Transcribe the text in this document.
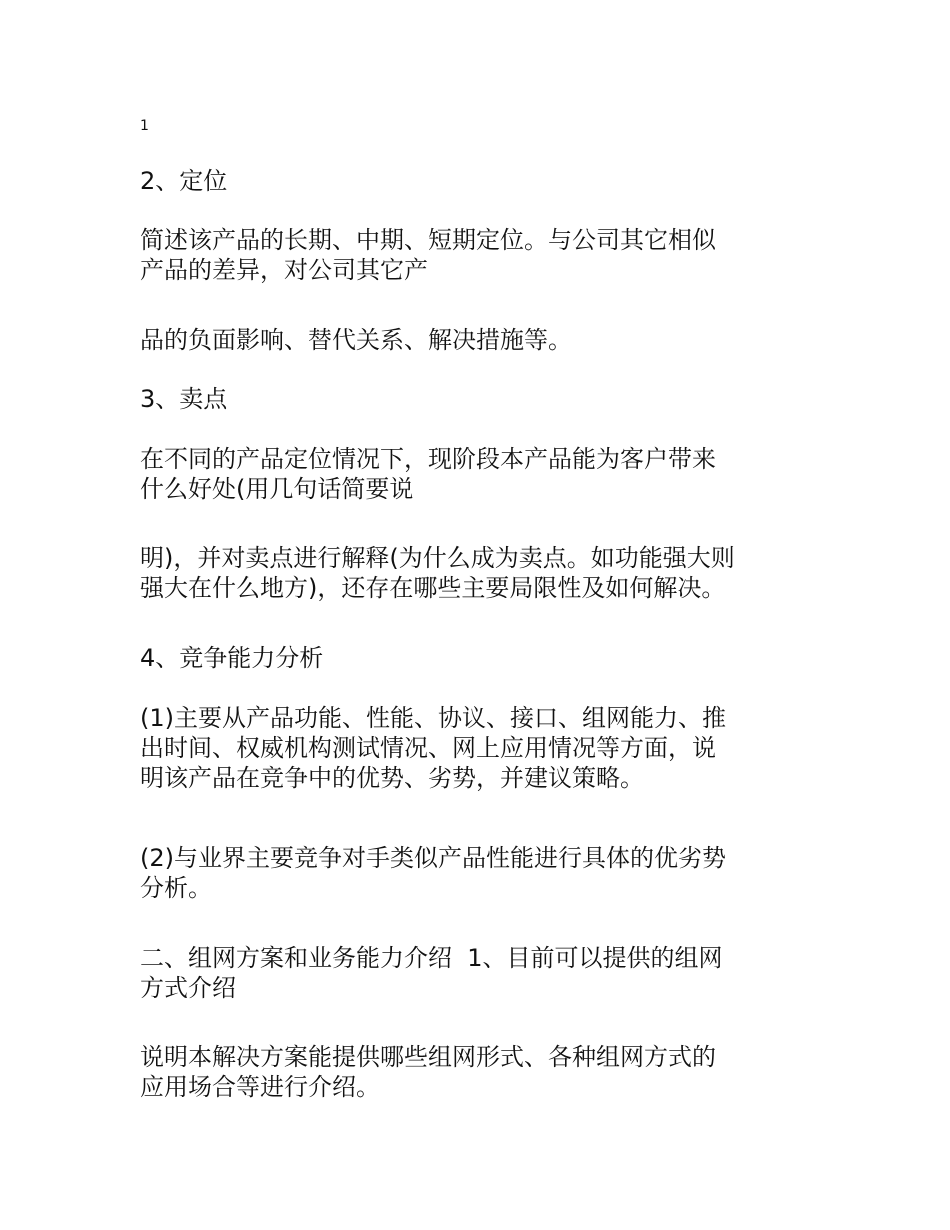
1

2、定位

简述该产品的长期、中期、短期定位。与公司其它相似
产品的差异，对公司其它产

品的负面影响、替代关系、解决措施等。

3、卖点

在不同的产品定位情况下，现阶段本产品能为客户带来
什么好处(用几句话简要说

明)，并对卖点进行解释(为什么成为卖点。如功能强大则
强大在什么地方)，还存在哪些主要局限性及如何解决。

4、竞争能力分析

(1)主要从产品功能、性能、协议、接口、组网能力、推
出时间、权威机构测试情况、网上应用情况等方面，说
明该产品在竞争中的优势、劣势，并建议策略。

(2)与业界主要竞争对手类似产品性能进行具体的优劣势
分析。

二、组网方案和业务能力介绍  1、目前可以提供的组网
方式介绍

说明本解决方案能提供哪些组网形式、各种组网方式的
应用场合等进行介绍。
